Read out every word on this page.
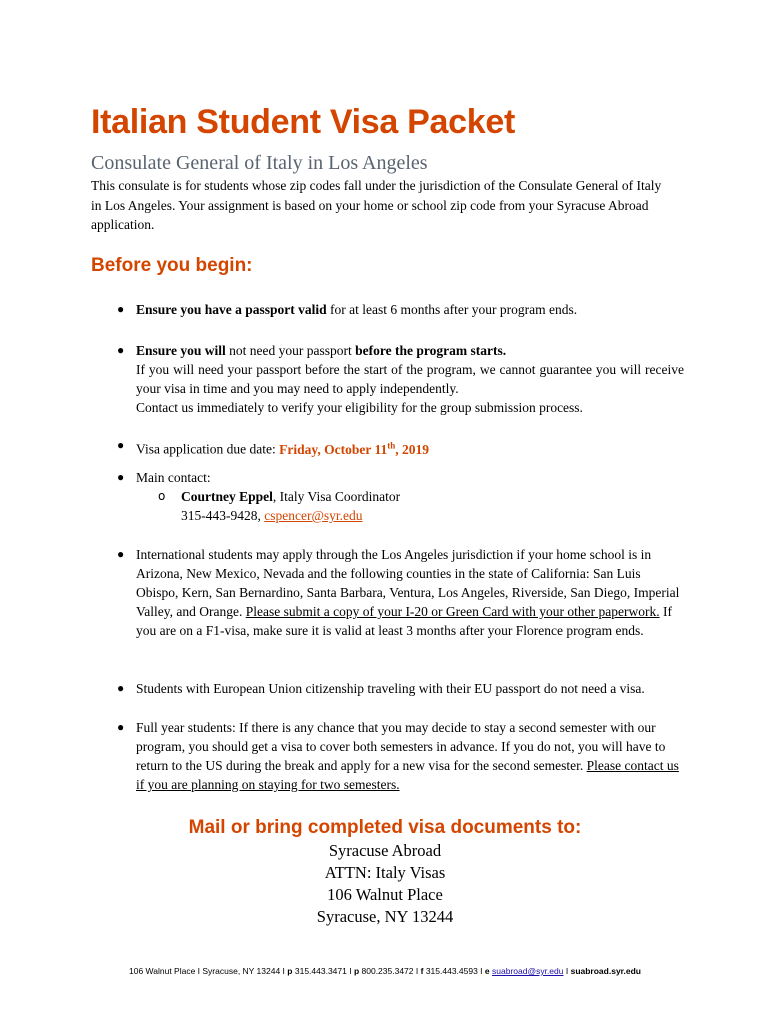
Italian Student Visa Packet
Consulate General of Italy in Los Angeles

This consulate is for students whose zip codes fall under the jurisdiction of the Consulate General of Italy in Los Angeles. Your assignment is based on your home or school zip code from your Syracuse Abroad application.

Before you begin:
● Ensure you have a passport valid for at least 6 months after your program ends.
● Ensure you will not need your passport before the program starts.
If you will need your passport before the start of the program, we cannot guarantee you will receive your visa in time and you may need to apply independently.
Contact us immediately to verify your eligibility for the group submission process.
● Visa application due date: Friday, October 11th, 2019
● Main contact:
o Courtney Eppel, Italy Visa Coordinator
315-443-9428, cspencer@syr.edu
● International students may apply through the Los Angeles jurisdiction if your home school is in Arizona, New Mexico, Nevada and the following counties in the state of California: San Luis Obispo, Kern, San Bernardino, Santa Barbara, Ventura, Los Angeles, Riverside, San Diego, Imperial Valley, and Orange. Please submit a copy of your I-20 or Green Card with your other paperwork. If you are on a F1-visa, make sure it is valid at least 3 months after your Florence program ends.
● Students with European Union citizenship traveling with their EU passport do not need a visa.
● Full year students: If there is any chance that you may decide to stay a second semester with our program, you should get a visa to cover both semesters in advance. If you do not, you will have to return to the US during the break and apply for a new visa for the second semester. Please contact us if you are planning on staying for two semesters.
Mail or bring completed visa documents to:
Syracuse Abroad
ATTN: Italy Visas
106 Walnut Place
Syracuse, NY 13244
106 Walnut Place I Syracuse, NY 13244 I p 315.443.3471 I p 800.235.3472 I f 315.443.4593 I e suabroad@syr.edu I suabroad.syr.edu
